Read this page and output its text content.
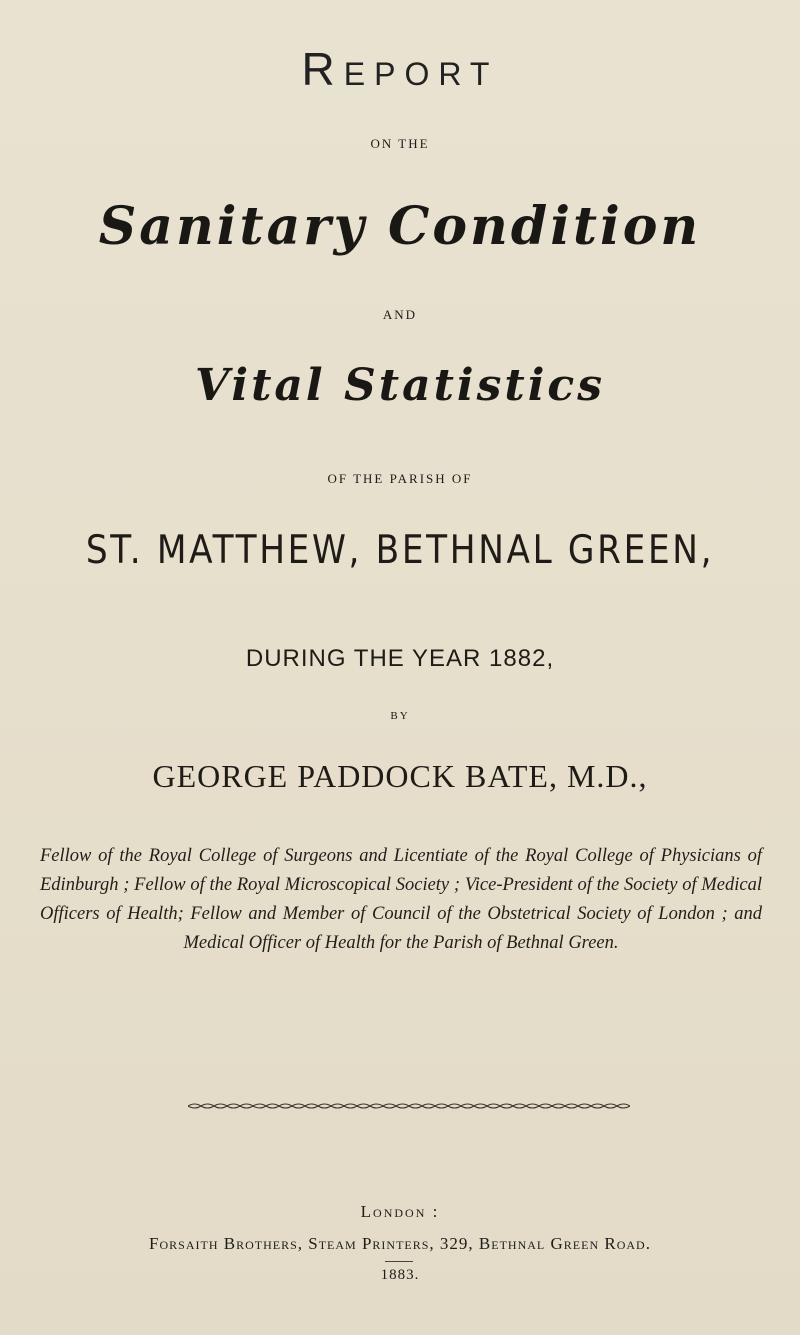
Report
ON THE
Sanitary Condition
AND
Vital Statistics
OF THE PARISH OF
ST. MATTHEW, BETHNAL GREEN,
DURING THE YEAR 1882,
BY
GEORGE PADDOCK BATE, M.D.,
Fellow of the Royal College of Surgeons and Licentiate of the Royal College of Physicians of Edinburgh ; Fellow of the Royal Microscopical Society ; Vice-President of the Society of Medical Officers of Health; Fellow and Member of Council of the Obstetrical Society of London ; and Medical Officer of Health for the Parish of Bethnal Green.
London :
Forsaith Brothers, Steam Printers, 329, Bethnal Green Road.
1883.
